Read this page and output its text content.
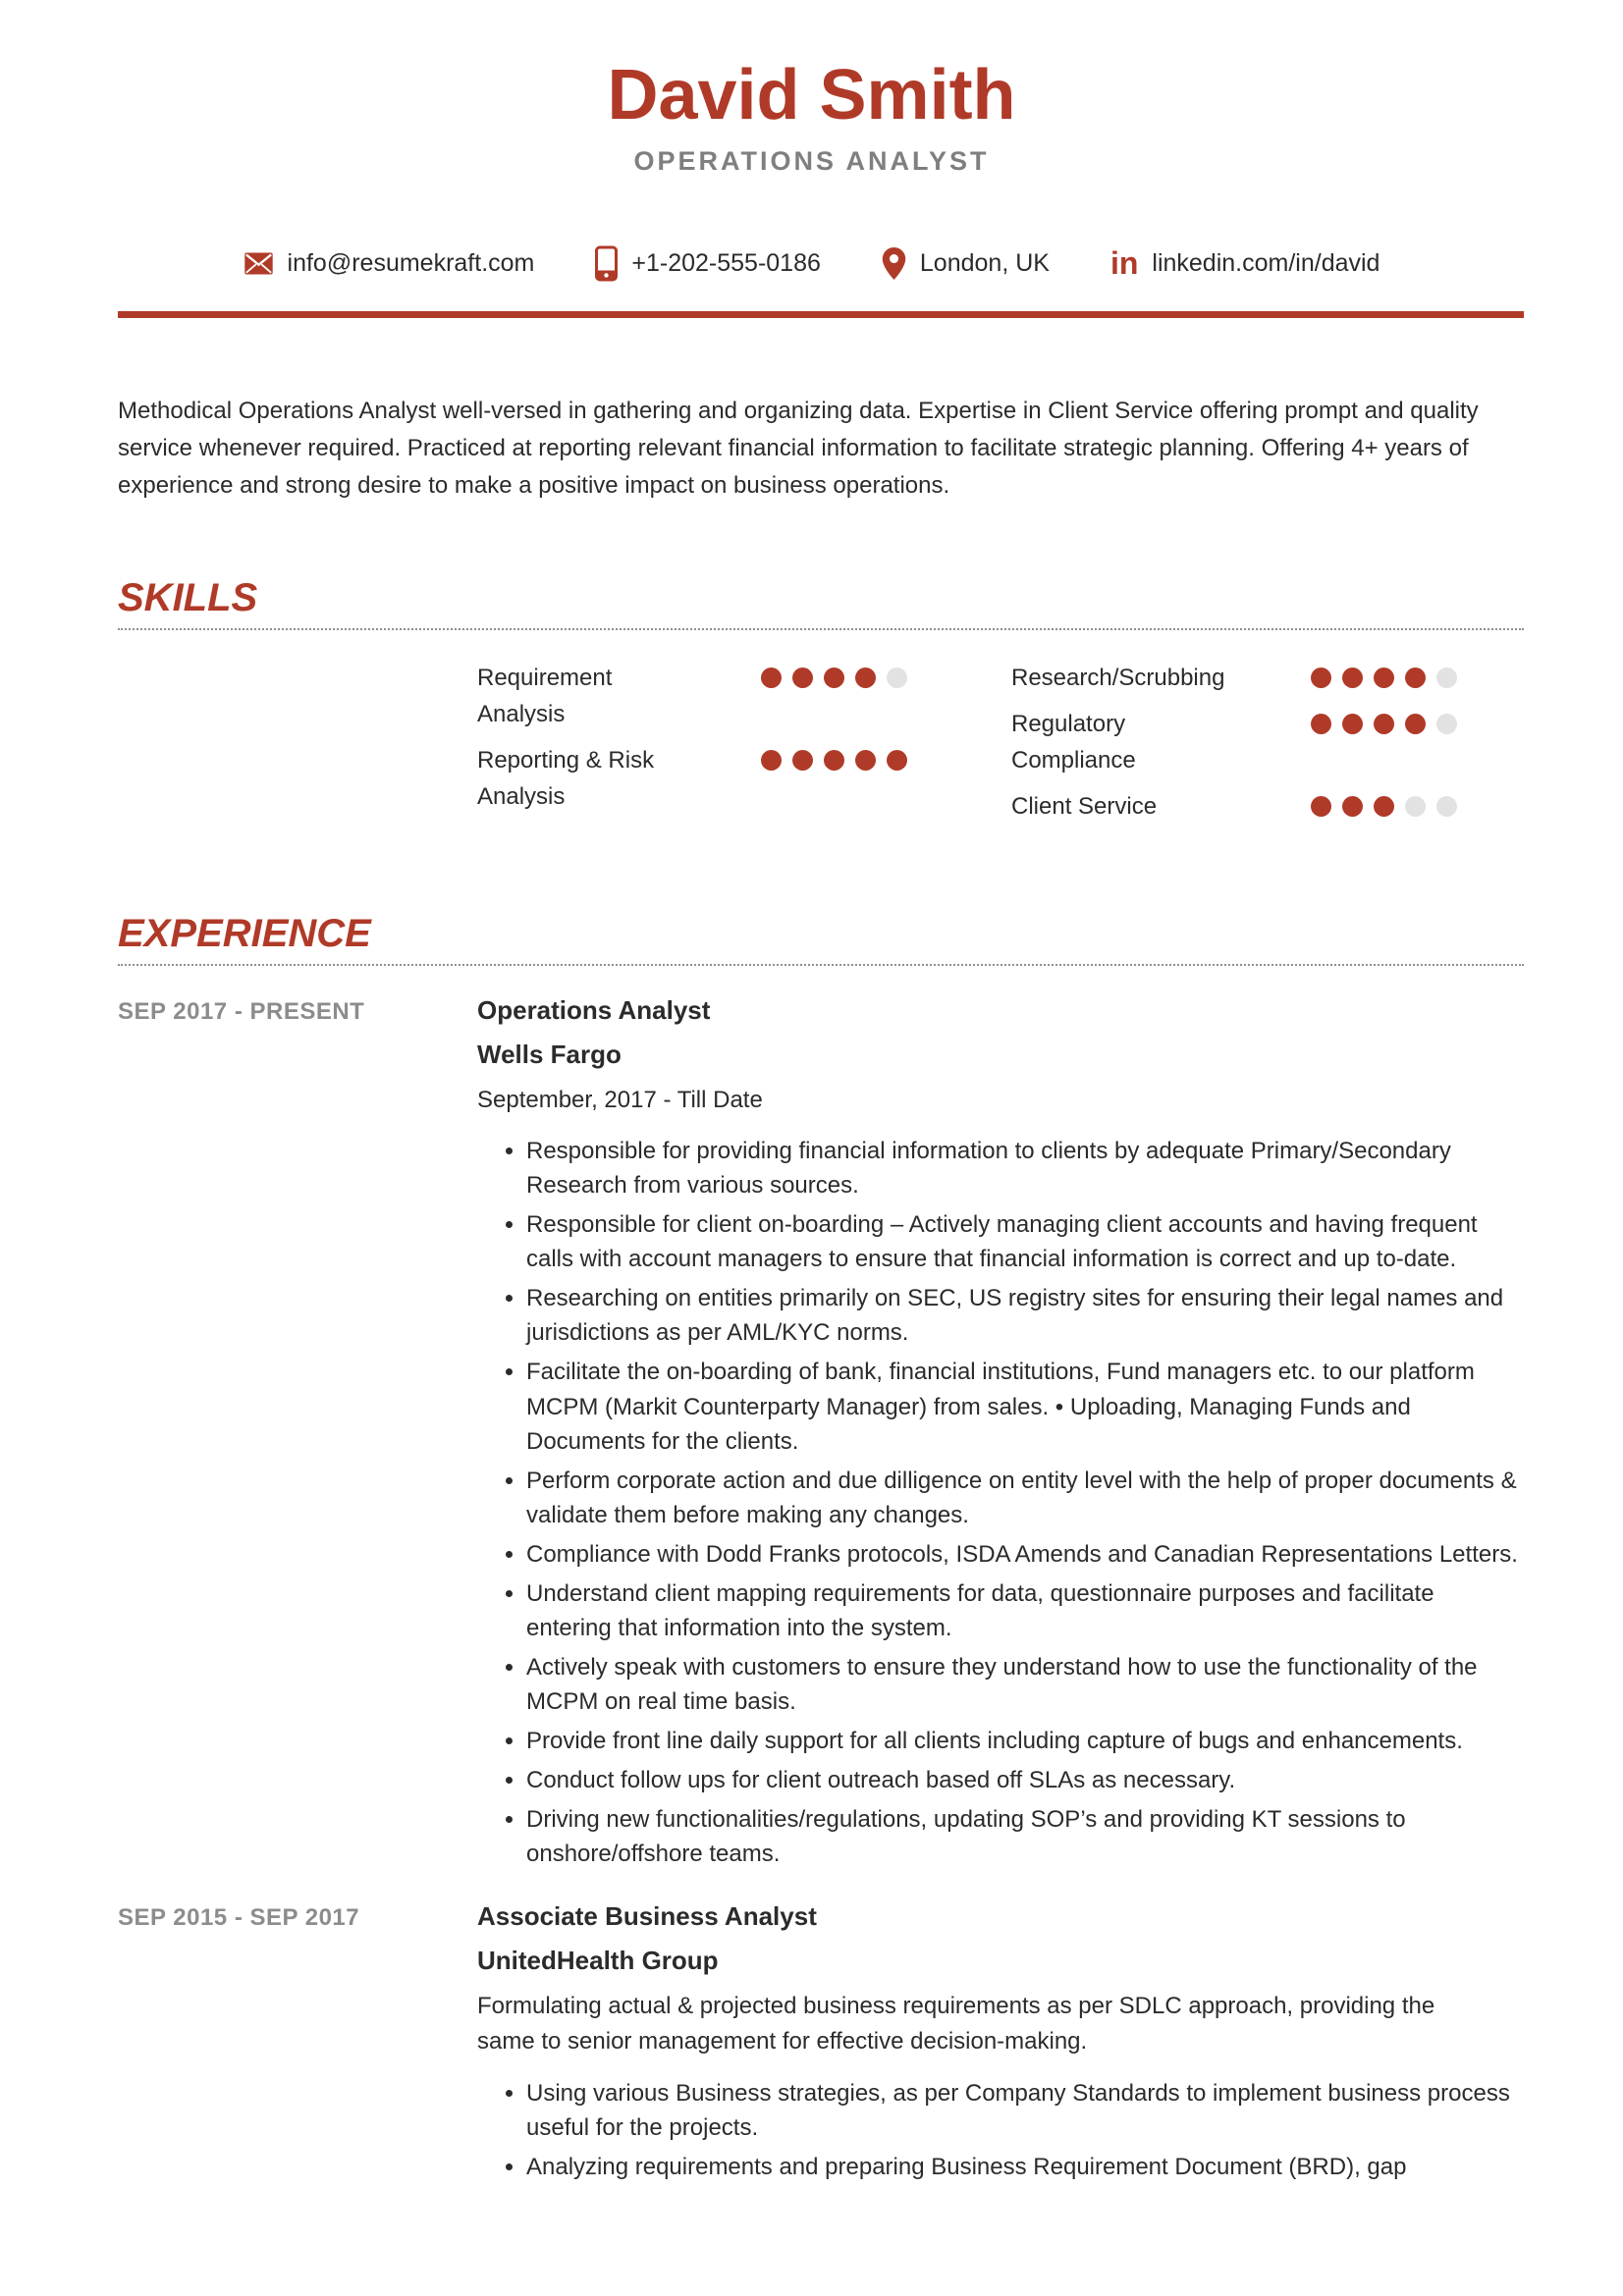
David Smith
OPERATIONS ANALYST
info@resumekraft.com	+1-202-555-0186	London, UK in linkedin.com/in/david

Methodical Operations Analyst well-versed in gathering and organizing data. Expertise in Client Service offering prompt and quality service whenever required. Practiced at reporting relevant financial information to facilitate strategic planning. Offering 4+ years of experience and strong desire to make a positive impact on business operations.

SKILLS
Requirement Analysis
Reporting & Risk Analysis
Research/Scrubbing
Regulatory Compliance
Client Service
EXPERIENCE
SEP 2017 - PRESENT	Operations Analyst
Wells Fargo
September, 2017 - Till Date
• Responsible for providing financial information to clients by adequate Primary/Secondary Research from various sources.
• Responsible for client on-boarding – Actively managing client accounts and having frequent calls with account managers to ensure that financial information is correct and up to-date.
• Researching on entities primarily on SEC, US registry sites for ensuring their legal names and jurisdictions as per AML/KYC norms.
• Facilitate the on-boarding of bank, financial institutions, Fund managers etc. to our platform MCPM (Markit Counterparty Manager) from sales. • Uploading, Managing Funds and Documents for the clients.
• Perform corporate action and due dilligence on entity level with the help of proper documents & validate them before making any changes.
• Compliance with Dodd Franks protocols, ISDA Amends and Canadian Representations Letters.
• Understand client mapping requirements for data, questionnaire purposes and facilitate entering that information into the system.
• Actively speak with customers to ensure they understand how to use the functionality of the MCPM on real time basis.
• Provide front line daily support for all clients including capture of bugs and enhancements.
• Conduct follow ups for client outreach based off SLAs as necessary.
• Driving new functionalities/regulations, updating SOP’s and providing KT sessions to onshore/offshore teams.
SEP 2015 - SEP 2017	Associate Business Analyst
UnitedHealth Group
Formulating actual & projected business requirements as per SDLC approach, providing the same to senior management for effective decision-making.
• Using various Business strategies, as per Company Standards to implement business process useful for the projects.
• Analyzing requirements and preparing Business Requirement Document (BRD), gap
